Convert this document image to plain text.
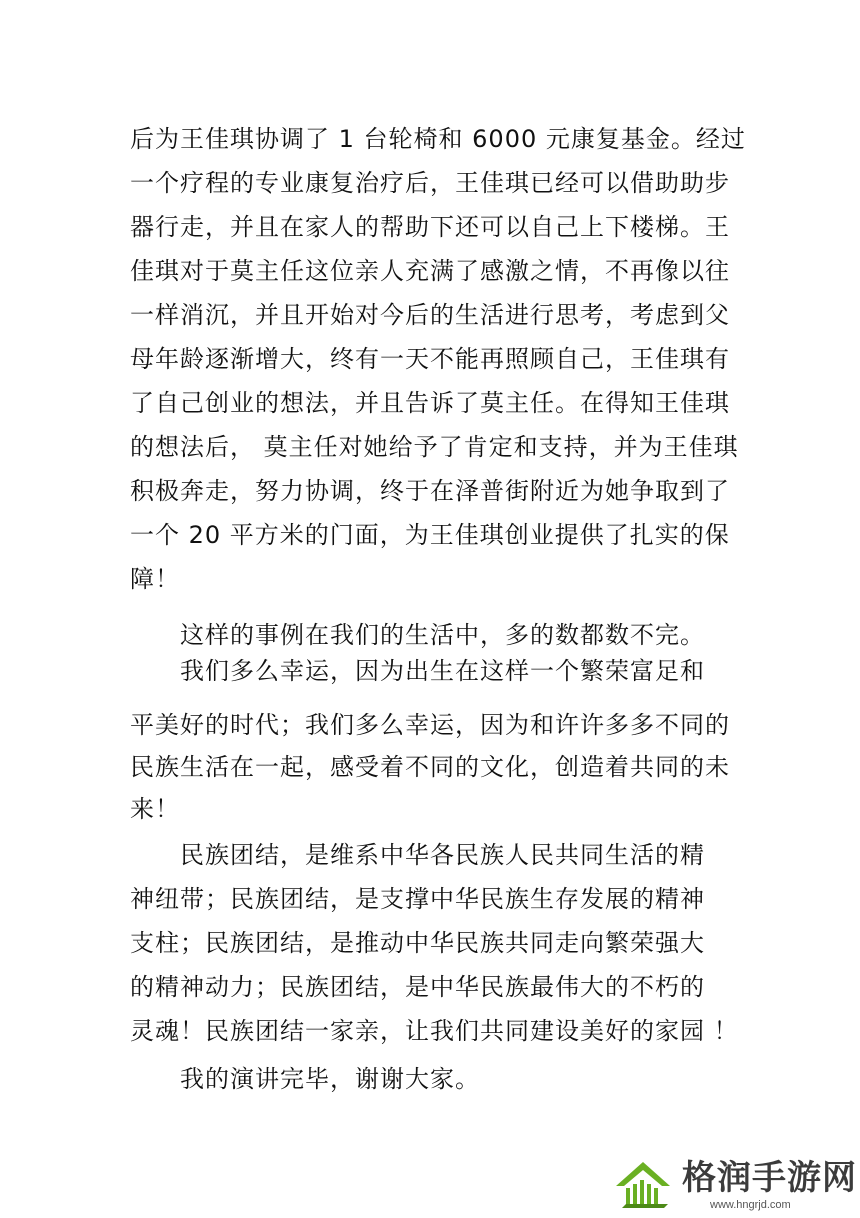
后为王佳琪协调了 1 台轮椅和 6000 元康复基金。经过
一个疗程的专业康复治疗后，王佳琪已经可以借助助步
器行走，并且在家人的帮助下还可以自己上下楼梯。王
佳琪对于莫主任这位亲人充满了感激之情，不再像以往
一样消沉，并且开始对今后的生活进行思考，考虑到父
母年龄逐渐增大，终有一天不能再照顾自己，王佳琪有
了自己创业的想法，并且告诉了莫主任。在得知王佳琪
的想法后， 莫主任对她给予了肯定和支持，并为王佳琪
积极奔走，努力协调，终于在泽普街附近为她争取到了
一个 20 平方米的门面，为王佳琪创业提供了扎实的保
障！
这样的事例在我们的生活中，多的数都数不完。
我们多么幸运，因为出生在这样一个繁荣富足和
平美好的时代；我们多么幸运，因为和许许多多不同的
民族生活在一起，感受着不同的文化，创造着共同的未
来！
民族团结，是维系中华各民族人民共同生活的精
神纽带；民族团结，是支撑中华民族生存发展的精神
支柱；民族团结，是推动中华民族共同走向繁荣强大
的精神动力；民族团结，是中华民族最伟大的不朽的
灵魂！民族团结一家亲，让我们共同建设美好的家园 ！
我的演讲完毕，谢谢大家。
格润手游网
www.hngrjd.com
